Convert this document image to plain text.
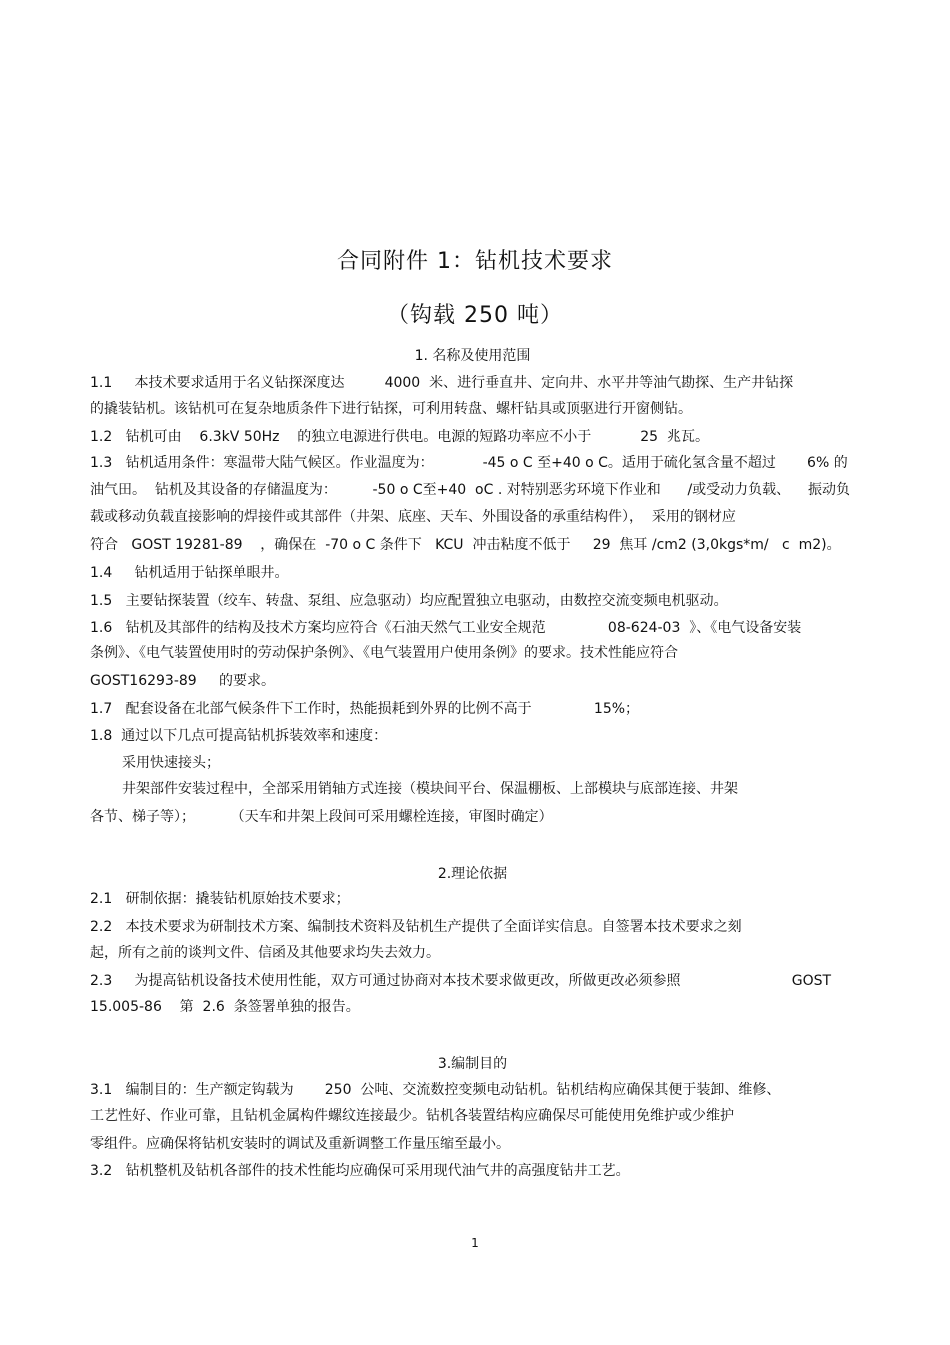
合同附件 1：钻机技术要求
（钩载 250 吨）
1. 名称及使用范围
1.1     本技术要求适用于名义钻探深度达         4000  米、进行垂直井、定向井、水平井等油气勘探、生产井钻探
的撬装钻机。该钻机可在复杂地质条件下进行钻探，可利用转盘、螺杆钻具或顶驱进行开窗侧钻。
1.2   钻机可由    6.3kV 50Hz    的独立电源进行供电。电源的短路功率应不小于           25  兆瓦。
1.3   钻机适用条件：寒温带大陆气候区。作业温度为：           -45 o C 至+40 o C。适用于硫化氢含量不超过       6% 的
油气田。  钻机及其设备的存储温度为：        -50 o C至+40  oC . 对特别恶劣环境下作业和      /或受动力负载、    振动负
载或移动负载直接影响的焊接件或其部件（井架、底座、天车、外围设备的承重结构件），  采用的钢材应
符合   GOST 19281-89    ，确保在  -70 o C 条件下   KCU  冲击粘度不低于     29  焦耳 /cm2 (3,0kgs*m/   c  m2)。
1.4     钻机适用于钻探单眼井。
1.5   主要钻探装置（绞车、转盘、泵组、应急驱动）均应配置独立电驱动，由数控交流变频电机驱动。
1.6   钻机及其部件的结构及技术方案均应符合《石油天然气工业安全规范              08-624-03  》、《电气设备安装
条例》、《电气装置使用时的劳动保护条例》、《电气装置用户使用条例》的要求。技术性能应符合
GOST16293-89     的要求。
1.7   配套设备在北部气候条件下工作时，热能损耗到外界的比例不高于              15%；
1.8  通过以下几点可提高钻机拆装效率和速度：
采用快速接头；
井架部件安装过程中，全部采用销轴方式连接（模块间平台、保温棚板、上部模块与底部连接、井架
各节、梯子等）；        （天车和井架上段间可采用螺栓连接，审图时确定）
2.理论依据
2.1   研制依据：撬装钻机原始技术要求；
2.2   本技术要求为研制技术方案、编制技术资料及钻机生产提供了全面详实信息。自签署本技术要求之刻
起，所有之前的谈判文件、信函及其他要求均失去效力。
2.3     为提高钻机设备技术使用性能，双方可通过协商对本技术要求做更改，所做更改必须参照                         GOST
15.005-86    第  2.6  条签署单独的报告。
3.编制目的
3.1   编制目的：生产额定钩载为       250  公吨、交流数控变频电动钻机。钻机结构应确保其便于装卸、维修、
工艺性好、作业可靠，且钻机金属构件螺纹连接最少。钻机各装置结构应确保尽可能使用免维护或少维护
零组件。应确保将钻机安装时的调试及重新调整工作量压缩至最小。
3.2   钻机整机及钻机各部件的技术性能均应确保可采用现代油气井的高强度钻井工艺。
1
